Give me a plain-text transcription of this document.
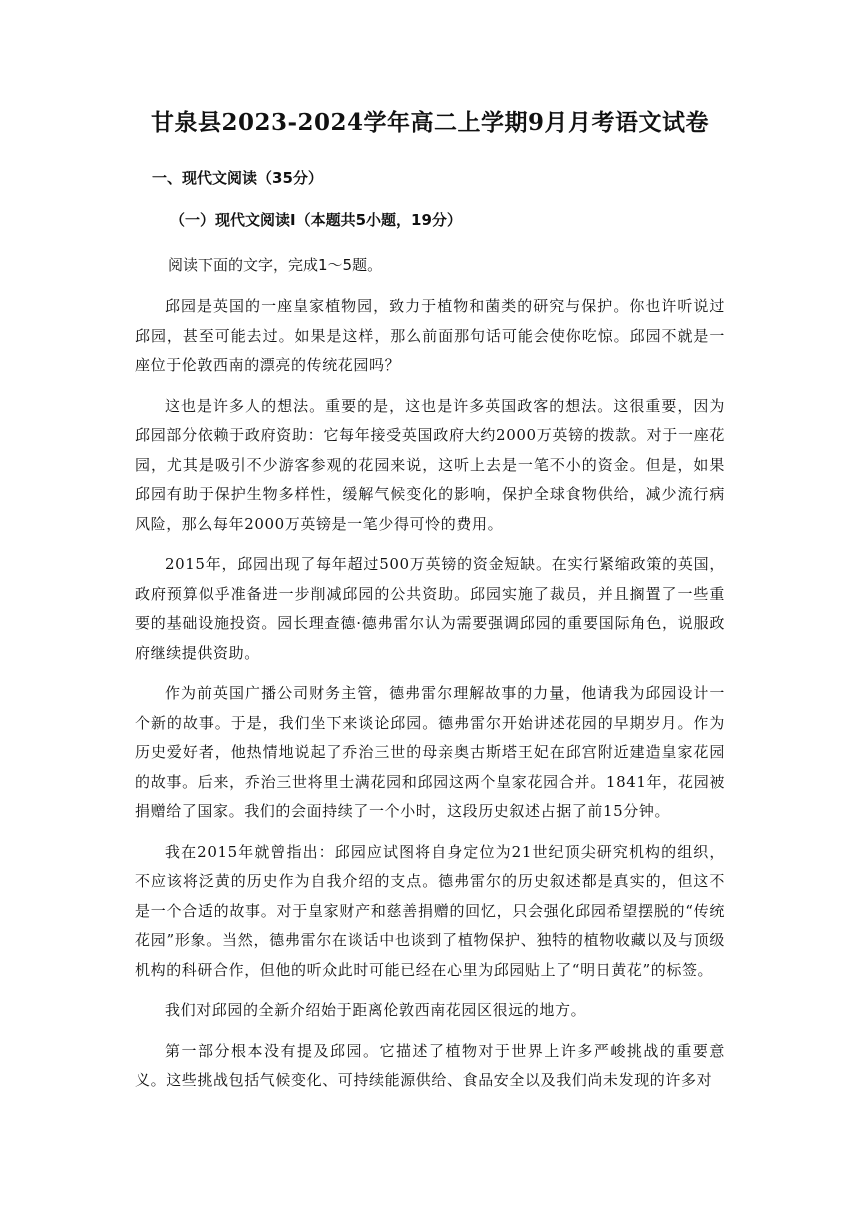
甘泉县2023-2024学年高二上学期9月月考语文试卷
一、现代文阅读（35分）
（一）现代文阅读Ⅰ（本题共5小题，19分）
阅读下面的文字，完成1～5题。

邱园是英国的一座皇家植物园，致力于植物和菌类的研究与保护。你也许听说过邱园，甚至可能去过。如果是这样，那么前面那句话可能会使你吃惊。邱园不就是一座位于伦敦西南的漂亮的传统花园吗？

这也是许多人的想法。重要的是，这也是许多英国政客的想法。这很重要，因为邱园部分依赖于政府资助：它每年接受英国政府大约2000万英镑的拨款。对于一座花园，尤其是吸引不少游客参观的花园来说，这听上去是一笔不小的资金。但是，如果邱园有助于保护生物多样性，缓解气候变化的影响，保护全球食物供给，减少流行病风险，那么每年2000万英镑是一笔少得可怜的费用。

2015年，邱园出现了每年超过500万英镑的资金短缺。在实行紧缩政策的英国，政府预算似乎准备进一步削减邱园的公共资助。邱园实施了裁员，并且搁置了一些重要的基础设施投资。园长理查德·德弗雷尔认为需要强调邱园的重要国际角色，说服政府继续提供资助。

作为前英国广播公司财务主管，德弗雷尔理解故事的力量，他请我为邱园设计一个新的故事。于是，我们坐下来谈论邱园。德弗雷尔开始讲述花园的早期岁月。作为历史爱好者，他热情地说起了乔治三世的母亲奥古斯塔王妃在邱宫附近建造皇家花园的故事。后来，乔治三世将里士满花园和邱园这两个皇家花园合并。1841年，花园被捐赠给了国家。我们的会面持续了一个小时，这段历史叙述占据了前15分钟。

我在2015年就曾指出：邱园应试图将自身定位为21世纪顶尖研究机构的组织，不应该将泛黄的历史作为自我介绍的支点。德弗雷尔的历史叙述都是真实的，但这不是一个合适的故事。对于皇家财产和慈善捐赠的回忆，只会强化邱园希望摆脱的“传统花园”形象。当然，德弗雷尔在谈话中也谈到了植物保护、独特的植物收藏以及与顶级机构的科研合作，但他的听众此时可能已经在心里为邱园贴上了“明日黄花”的标签。

我们对邱园的全新介绍始于距离伦敦西南花园区很远的地方。

第一部分根本没有提及邱园。它描述了植物对于世界上许多严峻挑战的重要意义。这些挑战包括气候变化、可持续能源供给、食品安全以及我们尚未发现的许多对
